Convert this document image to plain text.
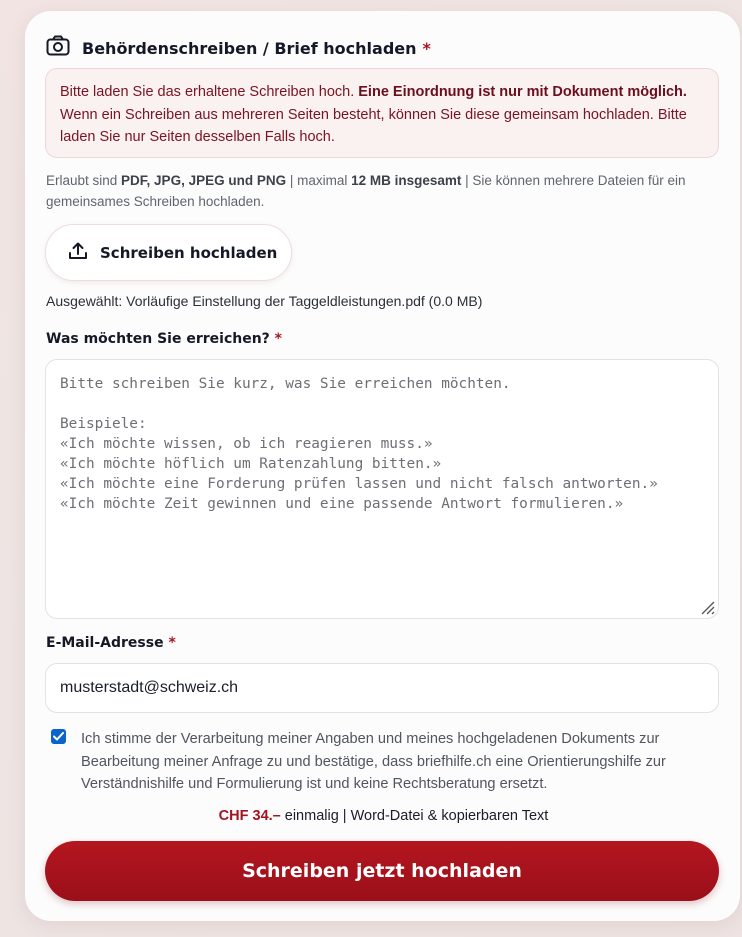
Behördenschreiben / Brief hochladen *
Bitte laden Sie das erhaltene Schreiben hoch. Eine Einordnung ist nur mit Dokument möglich. Wenn ein Schreiben aus mehreren Seiten besteht, können Sie diese gemeinsam hochladen. Bitte laden Sie nur Seiten desselben Falls hoch.
Erlaubt sind PDF, JPG, JPEG und PNG | maximal 12 MB insgesamt | Sie können mehrere Dateien für ein gemeinsames Schreiben hochladen.
Schreiben hochladen
Ausgewählt: Vorläufige Einstellung der Taggeldleistungen.pdf (0.0 MB)
Was möchten Sie erreichen? *
Bitte schreiben Sie kurz, was Sie erreichen möchten.

Beispiele:
«Ich möchte wissen, ob ich reagieren muss.»
«Ich möchte höflich um Ratenzahlung bitten.»
«Ich möchte eine Forderung prüfen lassen und nicht falsch antworten.»
«Ich möchte Zeit gewinnen und eine passende Antwort formulieren.»
E-Mail-Adresse *
musterstadt@schweiz.ch
Ich stimme der Verarbeitung meiner Angaben und meines hochgeladenen Dokuments zur Bearbeitung meiner Anfrage zu und bestätige, dass briefhilfe.ch eine Orientierungshilfe zur Verständnishilfe und Formulierung ist und keine Rechtsberatung ersetzt.
CHF 34.– einmalig | Word-Datei & kopierbaren Text
Schreiben jetzt hochladen
